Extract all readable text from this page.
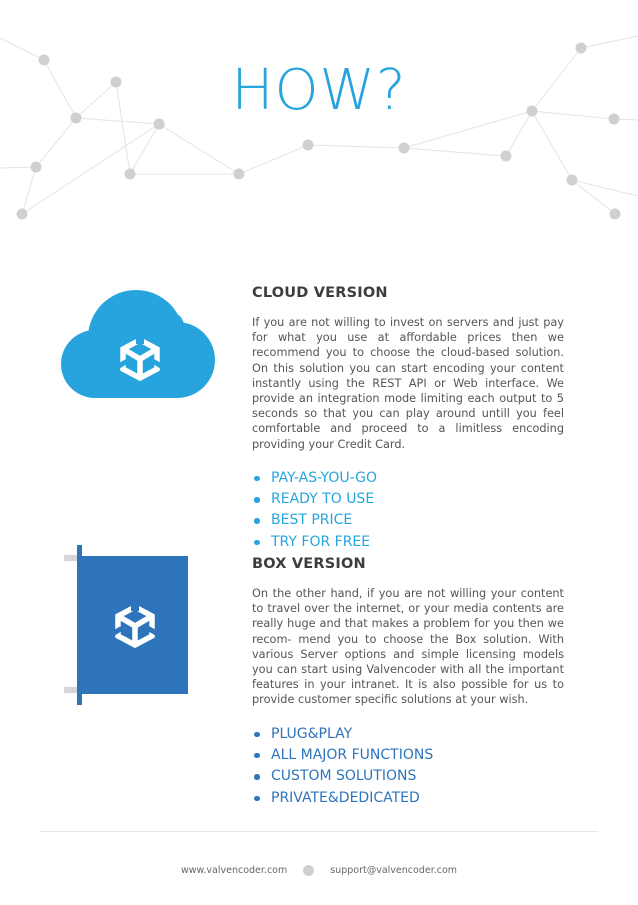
HOW?
CLOUD VERSION

If you are not willing to invest on servers and just pay for what you use at affordable prices then we recommend you to choose the cloud-based solution. On this solution you can start encoding your content instantly using the REST API or Web interface. We provide an integration mode limiting each output to 5 seconds so that you can play around untill you feel comfortable and proceed to a limitless encoding providing your Credit Card.

PAY-AS-YOU-GO
READY TO USE
BEST PRICE
TRY FOR FREE
BOX VERSION

On the other hand, if you are not willing your content to travel over the internet, or your media contents are really huge and that makes a problem for you then we recom- mend you to choose the Box solution. With various Server options and simple licensing models you can start using Valvencoder with all the important features in your intranet. It is also possible for us to provide customer specific solutions at your wish.

PLUG&PLAY
ALL MAJOR FUNCTIONS
CUSTOM SOLUTIONS
PRIVATE&DEDICATED
www.valvencoder.com	support@valvencoder.com
